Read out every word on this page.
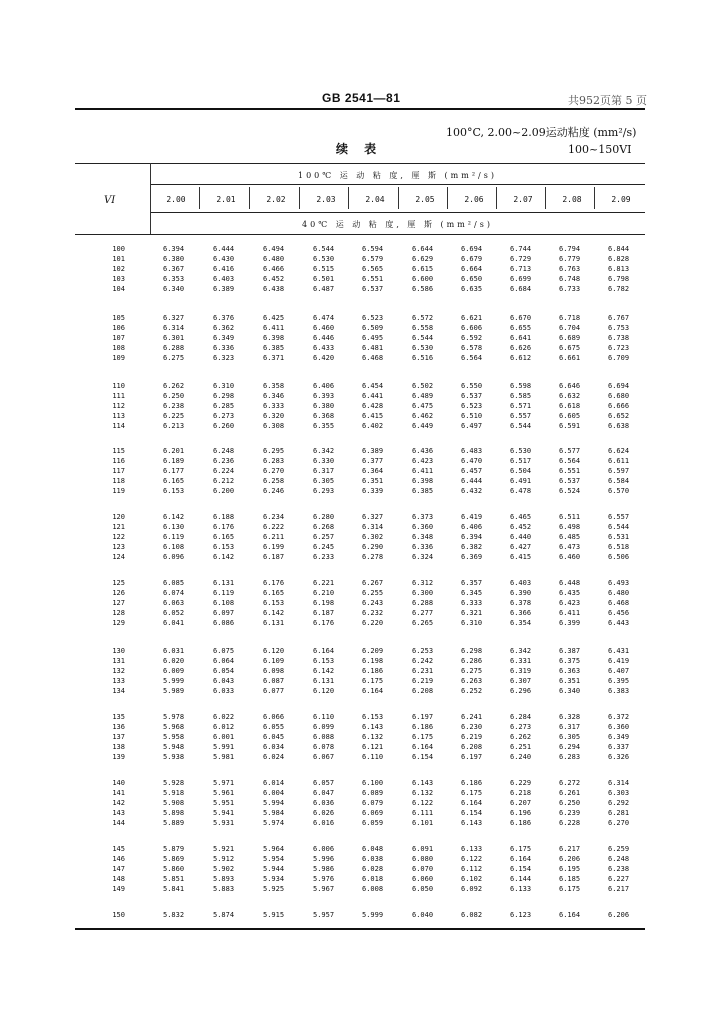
GB 2541—81	共952页第 5 页
100°C, 2.00~2.09运动粘度 (mm²/s)
续 表	100~150VI
VI
100℃ 运 动 粘 度, 厘 斯 (mm²/s)
40℃ 运 动 粘 度, 厘 斯 (mm²/s)
2.00	2.01	2.02	2.03	2.04	2.05	2.06	2.07	2.08	2.09
100	6.394	6.444	6.494	6.544	6.594	6.644	6.694	6.744	6.794	6.844
101	6.380	6.430	6.480	6.530	6.579	6.629	6.679	6.729	6.779	6.828
102	6.367	6.416	6.466	6.515	6.565	6.615	6.664	6.713	6.763	6.813
103	6.353	6.403	6.452	6.501	6.551	6.600	6.650	6.699	6.748	6.798
104	6.340	6.389	6.438	6.487	6.537	6.586	6.635	6.684	6.733	6.782
105	6.327	6.376	6.425	6.474	6.523	6.572	6.621	6.670	6.718	6.767
106	6.314	6.362	6.411	6.460	6.509	6.558	6.606	6.655	6.704	6.753
107	6.301	6.349	6.398	6.446	6.495	6.544	6.592	6.641	6.689	6.738
108	6.288	6.336	6.385	6.433	6.481	6.530	6.578	6.626	6.675	6.723
109	6.275	6.323	6.371	6.420	6.468	6.516	6.564	6.612	6.661	6.709
110	6.262	6.310	6.358	6.406	6.454	6.502	6.550	6.598	6.646	6.694
111	6.250	6.298	6.346	6.393	6.441	6.489	6.537	6.585	6.632	6.680
112	6.238	6.285	6.333	6.380	6.428	6.475	6.523	6.571	6.618	6.666
113	6.225	6.273	6.320	6.368	6.415	6.462	6.510	6.557	6.605	6.652
114	6.213	6.260	6.308	6.355	6.402	6.449	6.497	6.544	6.591	6.638
115	6.201	6.248	6.295	6.342	6.389	6.436	6.483	6.530	6.577	6.624
116	6.189	6.236	6.283	6.330	6.377	6.423	6.470	6.517	6.564	6.611
117	6.177	6.224	6.270	6.317	6.364	6.411	6.457	6.504	6.551	6.597
118	6.165	6.212	6.258	6.305	6.351	6.398	6.444	6.491	6.537	6.584
119	6.153	6.200	6.246	6.293	6.339	6.385	6.432	6.478	6.524	6.570
120	6.142	6.188	6.234	6.280	6.327	6.373	6.419	6.465	6.511	6.557
121	6.130	6.176	6.222	6.268	6.314	6.360	6.406	6.452	6.498	6.544
122	6.119	6.165	6.211	6.257	6.302	6.348	6.394	6.440	6.485	6.531
123	6.108	6.153	6.199	6.245	6.290	6.336	6.382	6.427	6.473	6.518
124	6.096	6.142	6.187	6.233	6.278	6.324	6.369	6.415	6.460	6.506
125	6.085	6.131	6.176	6.221	6.267	6.312	6.357	6.403	6.448	6.493
126	6.074	6.119	6.165	6.210	6.255	6.300	6.345	6.390	6.435	6.480
127	6.063	6.108	6.153	6.198	6.243	6.288	6.333	6.378	6.423	6.468
128	6.052	6.097	6.142	6.187	6.232	6.277	6.321	6.366	6.411	6.456
129	6.041	6.086	6.131	6.176	6.220	6.265	6.310	6.354	6.399	6.443
130	6.031	6.075	6.120	6.164	6.209	6.253	6.298	6.342	6.387	6.431
131	6.020	6.064	6.109	6.153	6.198	6.242	6.286	6.331	6.375	6.419
132	6.009	6.054	6.098	6.142	6.186	6.231	6.275	6.319	6.363	6.407
133	5.999	6.043	6.087	6.131	6.175	6.219	6.263	6.307	6.351	6.395
134	5.989	6.033	6.077	6.120	6.164	6.208	6.252	6.296	6.340	6.383
135	5.978	6.022	6.066	6.110	6.153	6.197	6.241	6.284	6.328	6.372
136	5.968	6.012	6.055	6.099	6.143	6.186	6.230	6.273	6.317	6.360
137	5.958	6.001	6.045	6.088	6.132	6.175	6.219	6.262	6.305	6.349
138	5.948	5.991	6.034	6.078	6.121	6.164	6.208	6.251	6.294	6.337
139	5.938	5.981	6.024	6.067	6.110	6.154	6.197	6.240	6.283	6.326
140	5.928	5.971	6.014	6.057	6.100	6.143	6.186	6.229	6.272	6.314
141	5.918	5.961	6.004	6.047	6.089	6.132	6.175	6.218	6.261	6.303
142	5.908	5.951	5.994	6.036	6.079	6.122	6.164	6.207	6.250	6.292
143	5.898	5.941	5.984	6.026	6.069	6.111	6.154	6.196	6.239	6.281
144	5.889	5.931	5.974	6.016	6.059	6.101	6.143	6.186	6.228	6.270
145	5.879	5.921	5.964	6.006	6.048	6.091	6.133	6.175	6.217	6.259
146	5.869	5.912	5.954	5.996	6.038	6.080	6.122	6.164	6.206	6.248
147	5.860	5.902	5.944	5.986	6.028	6.070	6.112	6.154	6.195	6.238
148	5.851	5.893	5.934	5.976	6.018	6.060	6.102	6.144	6.185	6.227
149	5.841	5.883	5.925	5.967	6.008	6.050	6.092	6.133	6.175	6.217
150	5.832	5.874	5.915	5.957	5.999	6.040	6.082	6.123	6.164	6.206
